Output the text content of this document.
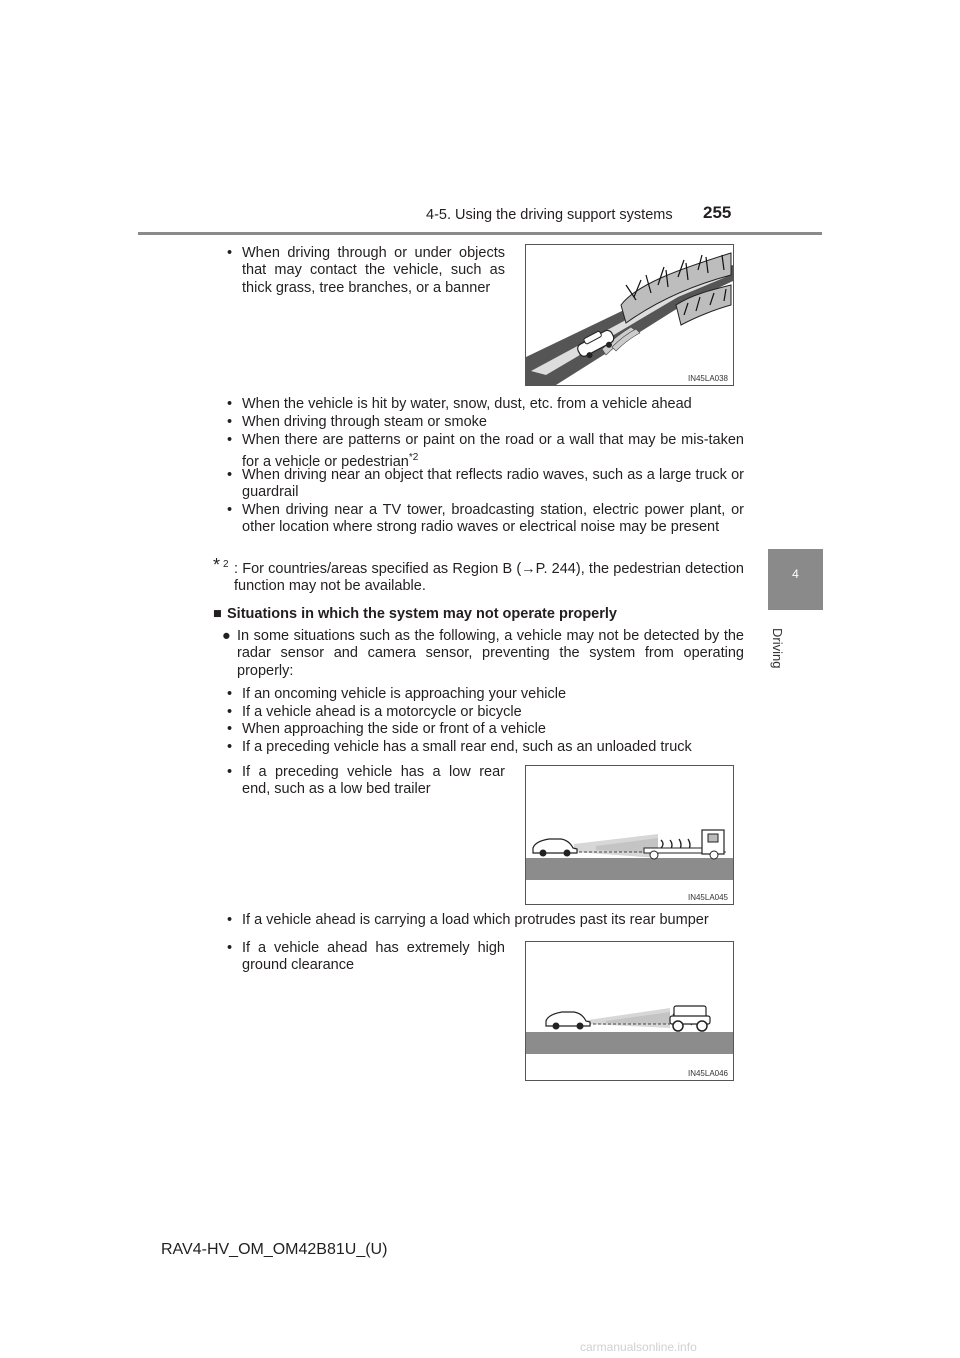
4-5. Using the driving support systems 255
4
Driving
• When driving through or under objects that may contact the vehicle, such as thick grass, tree branches, or a banner
IN45LA038
• When the vehicle is hit by water, snow, dust, etc. from a vehicle ahead
• When driving through steam or smoke
• When there are patterns or paint on the road or a wall that may be mis-taken for a vehicle or pedestrian$^{*2}$
• When driving near an object that reflects radio waves, such as a large truck or guardrail
• When driving near a TV tower, broadcasting station, electric power plant, or other location where strong radio waves or electrical noise may be present
* 2 : For countries/areas specified as Region B (→P. 244), the pedestrian detection function may not be available.
■ Situations in which the system may not operate properly
● In some situations such as the following, a vehicle may not be detected by the radar sensor and camera sensor, preventing the system from operating properly:
• If an oncoming vehicle is approaching your vehicle
• If a vehicle ahead is a motorcycle or bicycle
• When approaching the side or front of a vehicle
• If a preceding vehicle has a small rear end, such as an unloaded truck
• If a preceding vehicle has a low rear end, such as a low bed trailer
IN45LA045
• If a vehicle ahead is carrying a load which protrudes past its rear bumper
• If a vehicle ahead has extremely high ground clearance
IN45LA046
RAV4-HV_OM_OM42B81U_(U)
carmanualsonline.info
